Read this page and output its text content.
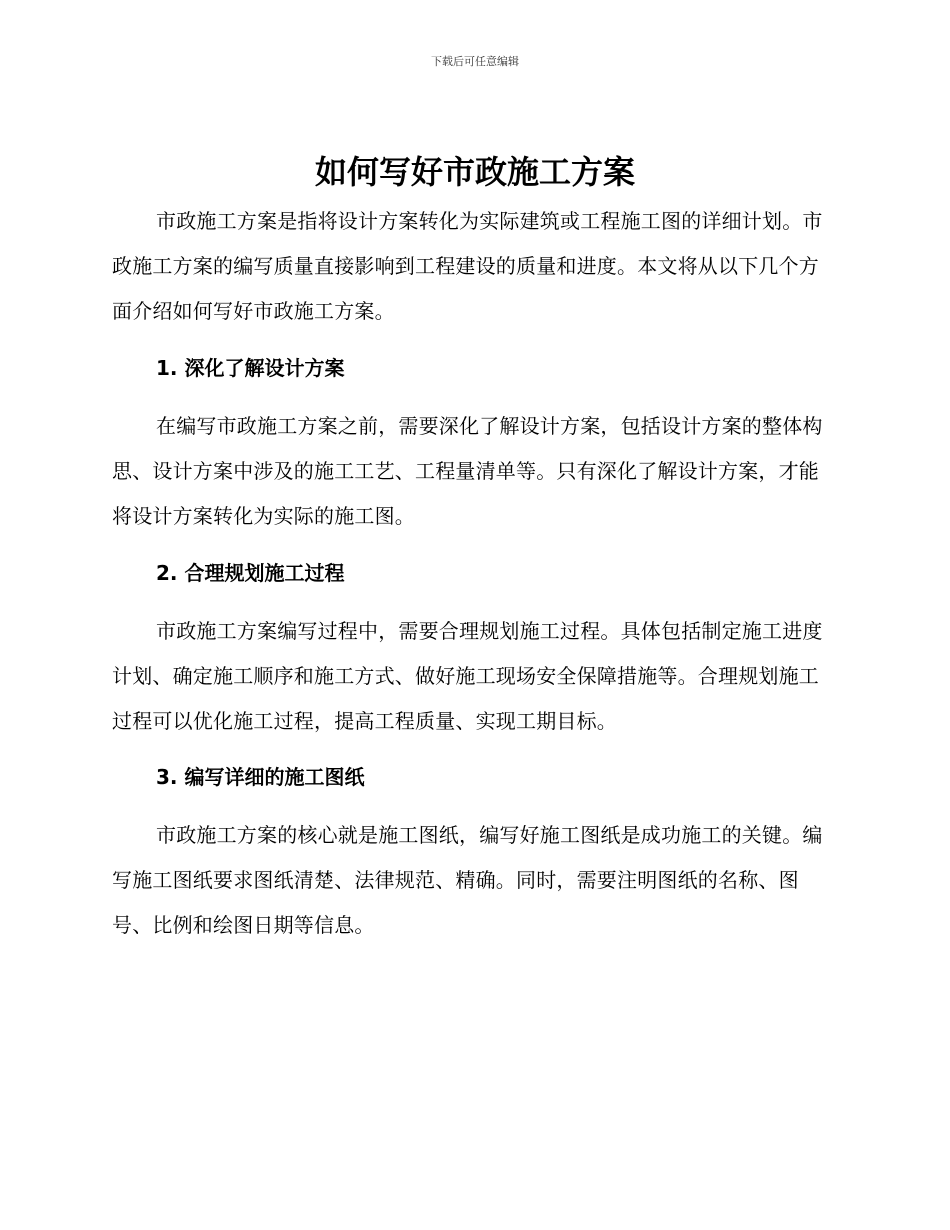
下载后可任意编辑
如何写好市政施工方案

市政施工方案是指将设计方案转化为实际建筑或工程施工图的详细计划。市政施工方案的编写质量直接影响到工程建设的质量和进度。本文将从以下几个方面介绍如何写好市政施工方案。

1. 深化了解设计方案

在编写市政施工方案之前，需要深化了解设计方案，包括设计方案的整体构思、设计方案中涉及的施工工艺、工程量清单等。只有深化了解设计方案，才能将设计方案转化为实际的施工图。

2. 合理规划施工过程

市政施工方案编写过程中，需要合理规划施工过程。具体包括制定施工进度计划、确定施工顺序和施工方式、做好施工现场安全保障措施等。合理规划施工过程可以优化施工过程，提高工程质量、实现工期目标。

3. 编写详细的施工图纸

市政施工方案的核心就是施工图纸，编写好施工图纸是成功施工的关键。编写施工图纸要求图纸清楚、法律规范、精确。同时，需要注明图纸的名称、图号、比例和绘图日期等信息。
